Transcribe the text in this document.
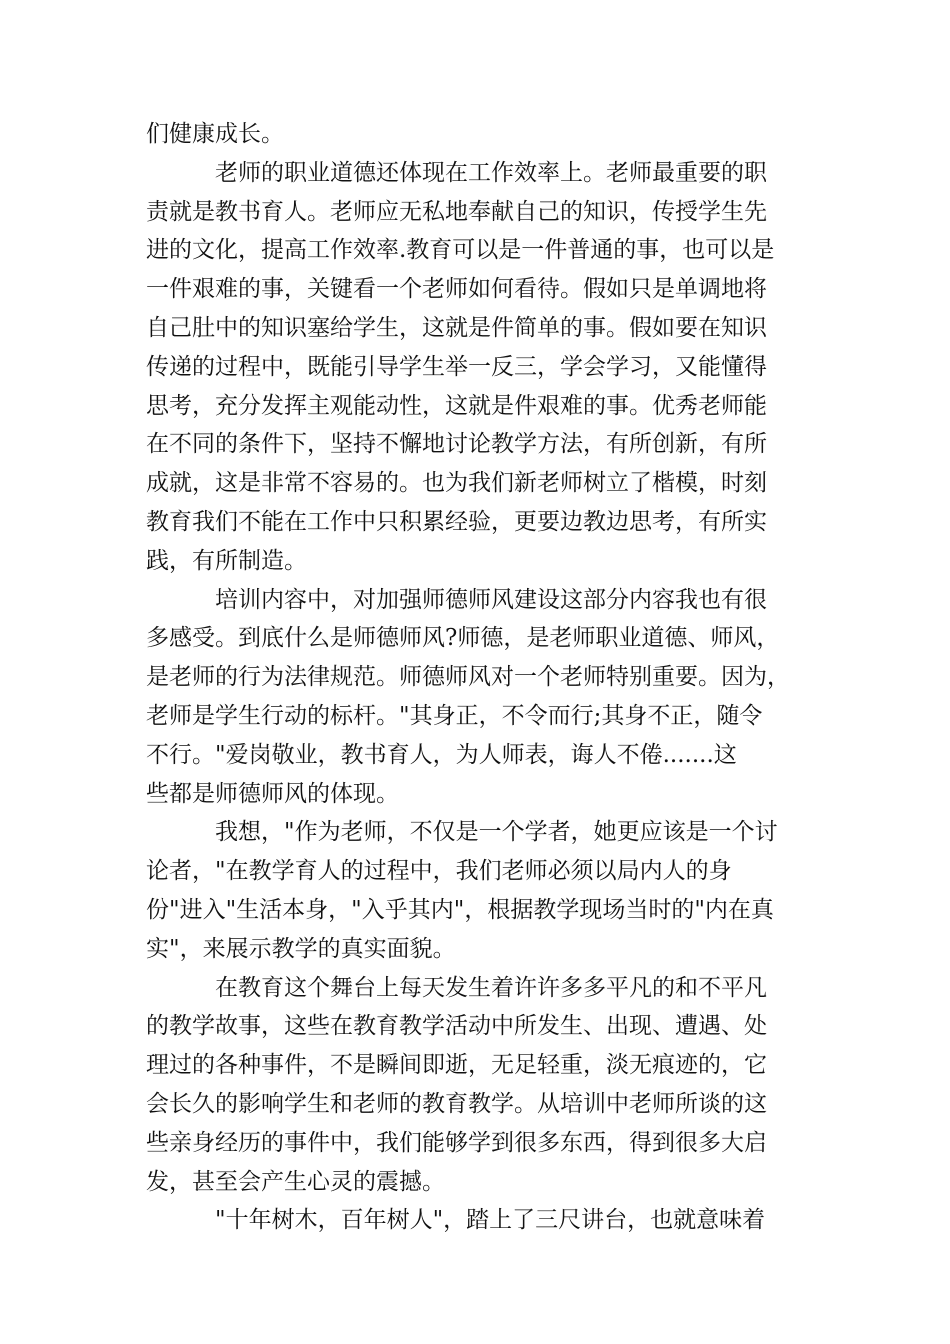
们健康成长。
老师的职业道德还体现在工作效率上。老师最重要的职
责就是教书育人。老师应无私地奉献自己的知识，传授学生先
进的文化，提高工作效率.教育可以是一件普通的事，也可以是
一件艰难的事，关键看一个老师如何看待。假如只是单调地将
自己肚中的知识塞给学生，这就是件简单的事。假如要在知识
传递的过程中，既能引导学生举一反三，学会学习，又能懂得
思考，充分发挥主观能动性，这就是件艰难的事。优秀老师能
在不同的条件下，坚持不懈地讨论教学方法，有所创新，有所
成就，这是非常不容易的。也为我们新老师树立了楷模，时刻
教育我们不能在工作中只积累经验，更要边教边思考，有所实
践，有所制造。
培训内容中，对加强师德师风建设这部分内容我也有很
多感受。到底什么是师德师风?师德，是老师职业道德、师风，
是老师的行为法律规范。师德师风对一个老师特别重要。因为，
老师是学生行动的标杆。"其身正，不令而行;其身不正，随令
不行。"爱岗敬业，教书育人，为人师表，诲人不倦.......这
些都是师德师风的体现。
我想，"作为老师，不仅是一个学者，她更应该是一个讨
论者，"在教学育人的过程中，我们老师必须以局内人的身
份"进入"生活本身，"入乎其内"，根据教学现场当时的"内在真
实"，来展示教学的真实面貌。
在教育这个舞台上每天发生着许许多多平凡的和不平凡
的教学故事，这些在教育教学活动中所发生、出现、遭遇、处
理过的各种事件，不是瞬间即逝，无足轻重，淡无痕迹的，它
会长久的影响学生和老师的教育教学。从培训中老师所谈的这
些亲身经历的事件中，我们能够学到很多东西，得到很多大启
发，甚至会产生心灵的震撼。
"十年树木，百年树人"，踏上了三尺讲台，也就意味着
